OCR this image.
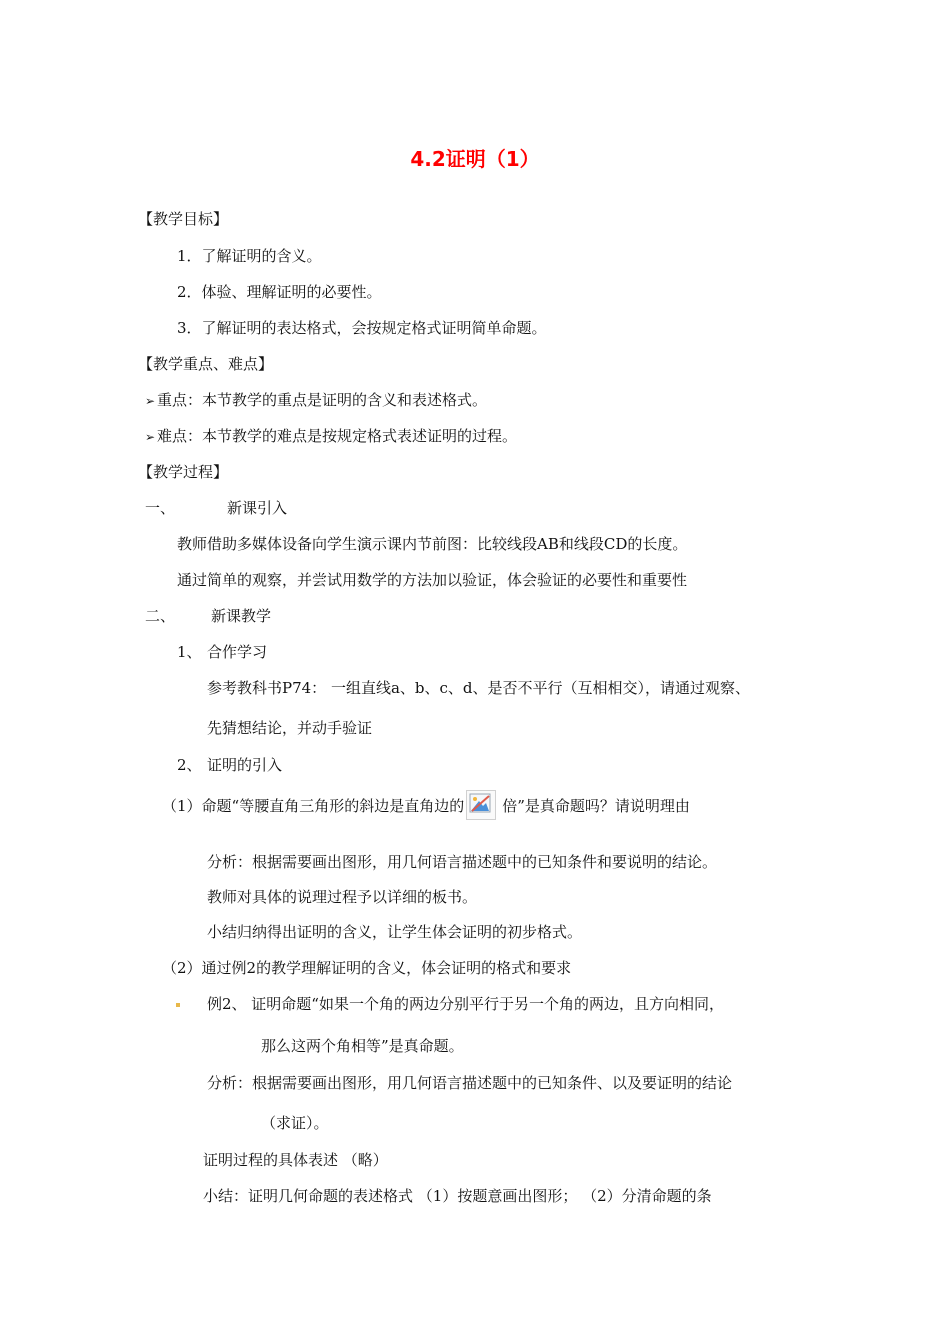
4.2证明（1）
【教学目标】
1．了解证明的含义。
2．体验、理解证明的必要性。
3．了解证明的表达格式，会按规定格式证明简单命题。
【教学重点、难点】
➢ 重点：本节教学的重点是证明的含义和表述格式。
➢ 难点：本节教学的难点是按规定格式表述证明的过程。
【教学过程】
一、	新课引入
教师借助多媒体设备向学生演示课内节前图：比较线段AB和线段CD的长度。
通过简单的观察，并尝试用数学的方法加以验证，体会验证的必要性和重要性
二、 新课教学
1、 合作学习
参考教科书P74： 一组直线a、b、c、d、是否不平行（互相相交），请通过观察、
先猜想结论，并动手验证
2、 证明的引入
（1）命题“等腰直角三角形的斜边是直角边的	倍”是真命题吗？请说明理由
分析：根据需要画出图形，用几何语言描述题中的已知条件和要说明的结论。
教师对具体的说理过程予以详细的板书。
小结归纳得出证明的含义，让学生体会证明的初步格式。
（2）通过例2的教学理解证明的含义，体会证明的格式和要求
例2、 证明命题“如果一个角的两边分别平行于另一个角的两边，且方向相同，
那么这两个角相等”是真命题。
分析：根据需要画出图形，用几何语言描述题中的已知条件、以及要证明的结论
（求证）。
证明过程的具体表述 （略）
小结：证明几何命题的表述格式 （1）按题意画出图形； （2）分清命题的条
